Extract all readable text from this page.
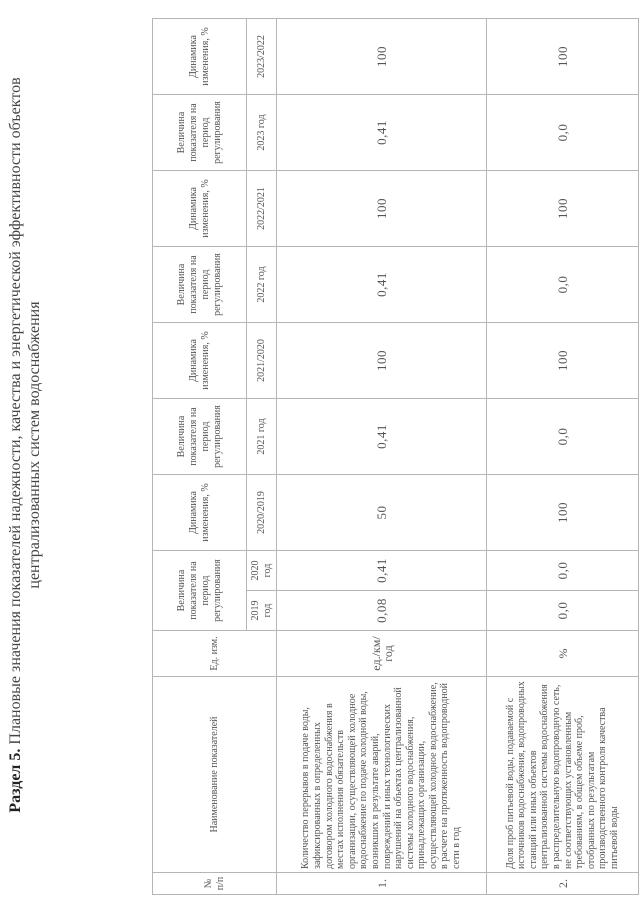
Раздел 5. Плановые значения показателей надежности, качества и энергетической эффективности объектов централизованных систем водоснабжения
№ п/п	Наименование показателей	Ед. изм.	Величина показателя на период регулирования		Динамика изменения, %	Величина показателя на период регулирования	Динамика изменения, %	Величина показателя на период регулирования	Динамика изменения, %	Величина показателя на период регулирования	Динамика изменения, %
			2019 год	2020 год	2020/2019	2021 год	2021/2020	2022 год	2022/2021	2023 год	2023/2022
1.	Количество перерывов в подаче воды, зафиксированных в определенных договором холодного водоснабжения в местах исполнения обязательств организации, осуществляющей холодное водоснабжение по подаче холодной воды, возникших в результате аварий, повреждений и иных технологических нарушений на объектах централизованной системы холодного водоснабжения, принадлежащих организации, осуществляющей холодное водоснабжение, в расчете на протяженность водопроводной сети в год	ед./км/год	0,08	0,41	50	0,41	100	0,41	100	0,41	100
2.	Доля проб питьевой воды, подаваемой с источников водоснабжения, водопроводных станций или иных объектов централизованной системы водоснабжения в распределительную водопроводную сеть, не соответствующих установленным требованиям, в общем объеме проб, отобранных по результатам производственного контроля качества питьевой воды	%	0,0	0,0	100	0,0	100	0,0	100	0,0	100
